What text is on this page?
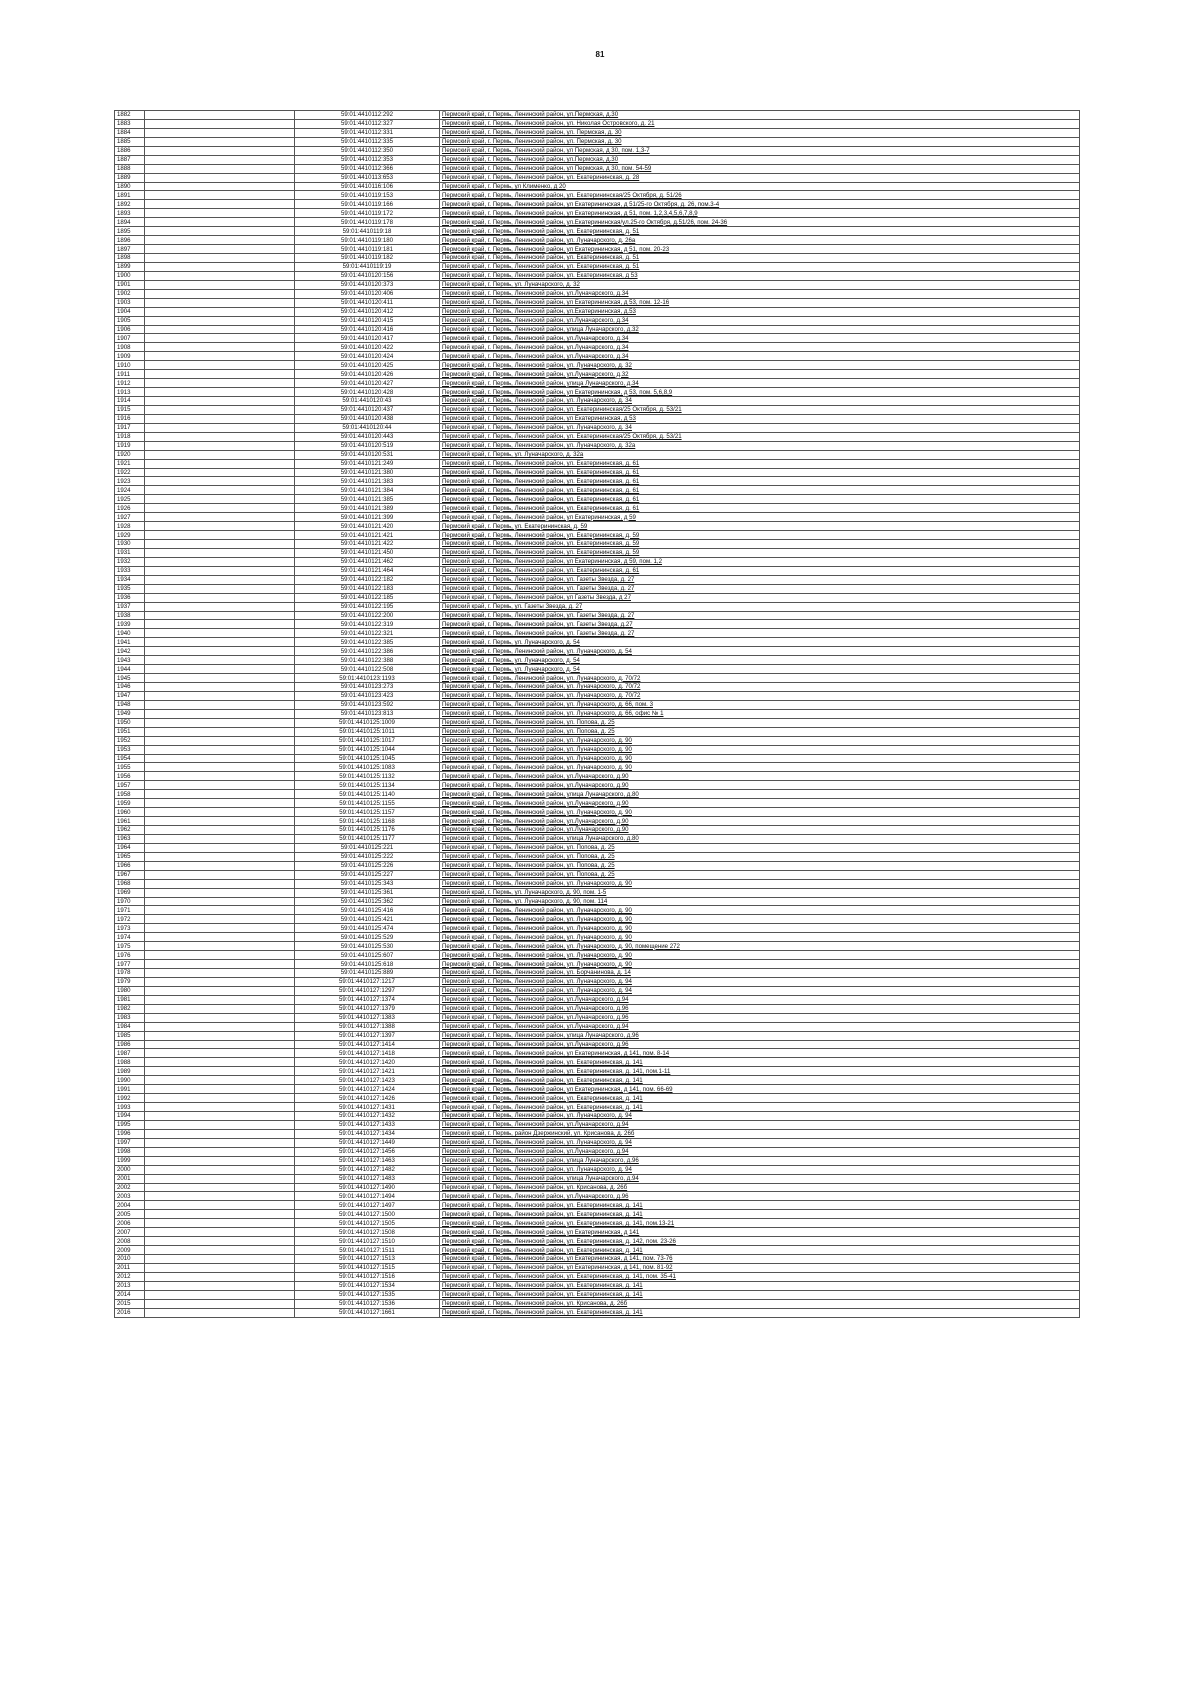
81
1882		59:01:4410112:292	Пермский край, г. Пермь, Ленинский район, ул.Пермская, д.30
1883		59:01:4410112:327	Пермский край, г. Пермь, Ленинский район, ул. Николая Островского, д. 21
1884		59:01:4410112:331	Пермский край, г. Пермь, Ленинский район, ул. Пермская, д. 30
1885		59:01:4410112:335	Пермский край, г. Пермь, Ленинский район, ул. Пермская, д. 30
1886		59:01:4410112:350	Пермский край, г. Пермь, Ленинский район, ул Пермская, д 30, пом. 1,3-7
1887		59:01:4410112:353	Пермский край, г. Пермь, Ленинский район, ул.Пермская, д.30
1888		59:01:4410112:366	Пермский край, г. Пермь, Ленинский район, ул Пермская, д 30, пом. 54-59
1889		59:01:4410113:653	Пермский край, г. Пермь, Ленинский район, ул. Екатерининская, д. 28
1890		59:01:4410116:106	Пермский край, г. Пермь, ул Клименко, д 20
1891		59:01:4410119:153	Пермский край, г. Пермь, Ленинский район, ул. Екатерининская/25 Октября, д. 51/26
1892		59:01:4410119:166	Пермский край, г. Пермь, Ленинский район, ул Екатерининская, д 51/25-го Октября, д. 26, пом.3-4
1893		59:01:4410119:172	Пермский край, г. Пермь, Ленинский район, ул Екатерининская, д 51, пом. 1,2,3,4,5,6,7,8,9
1894		59:01:4410119:178	Пермский край, г. Пермь, Ленинский район, ул.Екатерининская/ул.25-го Октября, д.51/26, пом. 24-36
1895		59:01:4410119:18	Пермский край, г. Пермь, Ленинский район, ул. Екатерининская, д. 51
1896		59:01:4410119:180	Пермский край, г. Пермь, Ленинский район, ул. Луначарского, д. 26а
1897		59:01:4410119:181	Пермский край, г. Пермь, Ленинский район, ул Екатерининская, д 51, пом. 20-23
1898		59:01:4410119:182	Пермский край, г. Пермь, Ленинский район, ул. Екатерининская, д. 51
1899		59:01:4410119:19	Пермский край, г. Пермь, Ленинский район, ул. Екатерининская, д. 51
1900		59:01:4410120:156	Пермский край, г. Пермь, Ленинский район, ул. Екатерининская, д 53
1901		59:01:4410120:373	Пермский край, г. Пермь, ул. Луначарского, д. 32
1902		59:01:4410120:406	Пермский край, г. Пермь, Ленинский район, ул.Луначарского, д.34
1903		59:01:4410120:411	Пермский край, г. Пермь, Ленинский район, ул Екатерининская, д 53, пом. 12-16
1904		59:01:4410120:412	Пермский край, г. Пермь, Ленинский район, ул.Екатерининская, д.53
1905		59:01:4410120:415	Пермский край, г. Пермь, Ленинский район, ул.Луначарского, д.34
1906		59:01:4410120:416	Пермский край, г. Пермь, Ленинский район, улица Луначарского, д.32
1907		59:01:4410120:417	Пермский край, г. Пермь, Ленинский район, ул.Луначарского, д.34
1908		59:01:4410120:422	Пермский край, г. Пермь, Ленинский район, ул.Луначарского, д.34
1909		59:01:4410120:424	Пермский край, г. Пермь, Ленинский район, ул.Луначарского, д.34
1910		59:01:4410120:425	Пермский край, г. Пермь, Ленинский район, ул. Луначарского, д. 32
1911		59:01:4410120:426	Пермский край, г. Пермь, Ленинский район, ул.Луначарского, д.32
1912		59:01:4410120:427	Пермский край, г. Пермь, Ленинский район, улица Луначарского, д.34
1913		59:01:4410120:428	Пермский край, г. Пермь, Ленинский район, ул Екатерининская, д 53, пом. 5,6,8,9
1914		59:01:4410120:43	Пермский край, г. Пермь, Ленинский район, ул. Луначарского, д. 34
1915		59:01:4410120:437	Пермский край, г. Пермь, Ленинский район, ул. Екатерининская/25 Октября, д. 53/21
1916		59:01:4410120:438	Пермский край, г. Пермь, Ленинский район, ул Екатерининская, д 53
1917		59:01:4410120:44	Пермский край, г. Пермь, Ленинский район, ул. Луначарского, д. 34
1918		59:01:4410120:443	Пермский край, г. Пермь, Ленинский район, ул. Екатерининская/25 Октября, д. 53/21
1919		59:01:4410120:519	Пермский край, г. Пермь, Ленинский район, ул. Луначарского, д. 32а
1920		59:01:4410120:531	Пермский край, г. Пермь, ул. Луначарского, д. 32а
1921		59:01:4410121:249	Пермский край, г. Пермь, Ленинский район, ул. Екатерининская, д. 61
1922		59:01:4410121:380	Пермский край, г. Пермь, Ленинский район, ул. Екатерининская, д. 61
1923		59:01:4410121:383	Пермский край, г. Пермь, Ленинский район, ул. Екатерининская, д. 61
1924		59:01:4410121:384	Пермский край, г. Пермь, Ленинский район, ул. Екатерининская, д. 61
1925		59:01:4410121:385	Пермский край, г. Пермь, Ленинский район, ул. Екатерининская, д. 61
1926		59:01:4410121:389	Пермский край, г. Пермь, Ленинский район, ул. Екатерининская, д. 61
1927		59:01:4410121:399	Пермский край, г. Пермь, Ленинский район, ул Екатерининская, д 59
1928		59:01:4410121:420	Пермский край, г. Пермь, ул. Екатерининская, д. 59
1929		59:01:4410121:421	Пермский край, г. Пермь, Ленинский район, ул. Екатерининская, д. 59
1930		59:01:4410121:422	Пермский край, г. Пермь, Ленинский район, ул. Екатерининская, д. 59
1931		59:01:4410121:450	Пермский край, г. Пермь, Ленинский район, ул. Екатерининская, д. 59
1932		59:01:4410121:462	Пермский край, г. Пермь, Ленинский район, ул Екатерининская, д 59, пом. 1,2
1933		59:01:4410121:464	Пермский край, г. Пермь, Ленинский район, ул. Екатерининская, д. 61
1934		59:01:4410122:182	Пермский край, г. Пермь, Ленинский район, ул. Газеты Звезда, д. 27
1935		59:01:4410122:183	Пермский край, г. Пермь, Ленинский район, ул. Газеты Звезда, д. 27
1936		59:01:4410122:185	Пермский край, г. Пермь, Ленинский район, ул Газеты Звезда, д 27
1937		59:01:4410122:195	Пермский край, г. Пермь, ул. Газеты Звезда, д. 27
1938		59:01:4410122:200	Пермский край, г. Пермь, Ленинский район, ул. Газеты Звезда, д. 27
1939		59:01:4410122:319	Пермский край, г. Пермь, Ленинский район, ул. Газеты Звезда, д.27
1940		59:01:4410122:321	Пермский край, г. Пермь, Ленинский район, ул. Газеты Звезда, д. 27
1941		59:01:4410122:385	Пермский край, г. Пермь, ул. Луначарского, д. 54
1942		59:01:4410122:386	Пермский край, г. Пермь, Ленинский район, ул. Луначарского, д. 54
1943		59:01:4410122:388	Пермский край, г. Пермь, ул. Луначарского, д. 54
1944		59:01:4410122:508	Пермский край, г. Пермь, ул. Луначарского, д. 54
1945		59:01:4410123:1193	Пермский край, г. Пермь, Ленинский район, ул. Луначарского, д. 70/72
1946		59:01:4410123:273	Пермский край, г. Пермь, Ленинский район, ул. Луначарского, д. 70/72
1947		59:01:4410123:423	Пермский край, г. Пермь, Ленинский район, ул. Луначарского, д. 70/72
1948		59:01:4410123:592	Пермский край, г. Пермь, Ленинский район, ул. Луначарского, д. 66, пом. 3
1949		59:01:4410123:813	Пермский край, г. Пермь, Ленинский район, ул. Луначарского, д. 66, офис № 1
1950		59:01:4410125:1009	Пермский край, г. Пермь, Ленинский район, ул. Попова, д. 25
1951		59:01:4410125:1011	Пермский край, г. Пермь, Ленинский район, ул. Попова, д. 25
1952		59:01:4410125:1017	Пермский край, г. Пермь, Ленинский район, ул. Луначарского, д. 90
1953		59:01:4410125:1044	Пермский край, г. Пермь, Ленинский район, ул. Луначарского, д. 90
1954		59:01:4410125:1045	Пермский край, г. Пермь, Ленинский район, ул. Луначарского, д. 90
1955		59:01:4410125:1083	Пермский край, г. Пермь, Ленинский район, ул. Луначарского, д. 90
1956		59:01:4410125:1132	Пермский край, г. Пермь, Ленинский район, ул.Луначарского, д.90
1957		59:01:4410125:1134	Пермский край, г. Пермь, Ленинский район, ул.Луначарского, д.90
1958		59:01:4410125:1140	Пермский край, г. Пермь, Ленинский район, улица Луначарского, д.80
1959		59:01:4410125:1155	Пермский край, г. Пермь, Ленинский район, ул.Луначарского, д.90
1960		59:01:4410125:1157	Пермский край, г. Пермь, Ленинский район, ул. Луначарского, д. 90
1961		59:01:4410125:1168	Пермский край, г. Пермь, Ленинский район, ул.Луначарского, д.90
1962		59:01:4410125:1176	Пермский край, г. Пермь, Ленинский район, ул.Луначарского, д.90
1963		59:01:4410125:1177	Пермский край, г. Пермь, Ленинский район, улица Луначарского, д.80
1964		59:01:4410125:221	Пермский край, г. Пермь, Ленинский район, ул. Попова, д. 25
1965		59:01:4410125:222	Пермский край, г. Пермь, Ленинский район, ул. Попова, д. 25
1966		59:01:4410125:226	Пермский край, г. Пермь, Ленинский район, ул. Попова, д. 25
1967		59:01:4410125:227	Пермский край, г. Пермь, Ленинский район, ул. Попова, д. 25
1968		59:01:4410125:343	Пермский край, г. Пермь, Ленинский район, ул. Луначарского, д. 90
1969		59:01:4410125:361	Пермский край, г. Пермь, ул. Луначарского, д. 90, пом. 1-5
1970		59:01:4410125:362	Пермский край, г. Пермь, ул. Луначарского, д. 90, пом. 114
1971		59:01:4410125:416	Пермский край, г. Пермь, Ленинский район, ул. Луначарского, д. 90
1972		59:01:4410125:421	Пермский край, г. Пермь, Ленинский район, ул. Луначарского, д. 90
1973		59:01:4410125:474	Пермский край, г. Пермь, Ленинский район, ул. Луначарского, д. 90
1974		59:01:4410125:529	Пермский край, г. Пермь, Ленинский район, ул. Луначарского, д. 90
1975		59:01:4410125:530	Пермский край, г. Пермь, Ленинский район, ул. Луначарского, д. 90, помещение 272
1976		59:01:4410125:607	Пермский край, г. Пермь, Ленинский район, ул. Луначарского, д. 90
1977		59:01:4410125:618	Пермский край, г. Пермь, Ленинский район, ул. Луначарского, д. 90
1978		59:01:4410125:889	Пермский край, г. Пермь, Ленинский район, ул. Борчанинова, д. 14
1979		59:01:4410127:1217	Пермский край, г. Пермь, Ленинский район, ул. Луначарского, д. 94
1980		59:01:4410127:1297	Пермский край, г. Пермь, Ленинский район, ул. Луначарского, д. 94
1981		59:01:4410127:1374	Пермский край, г. Пермь, Ленинский район, ул.Луначарского, д.94
1982		59:01:4410127:1379	Пермский край, г. Пермь, Ленинский район, ул.Луначарского, д.96
1983		59:01:4410127:1383	Пермский край, г. Пермь, Ленинский район, ул.Луначарского, д.96
1984		59:01:4410127:1388	Пермский край, г. Пермь, Ленинский район, ул.Луначарского, д.94
1985		59:01:4410127:1397	Пермский край, г. Пермь, Ленинский район, улица Луначарского, д.96
1986		59:01:4410127:1414	Пермский край, г. Пермь, Ленинский район, ул.Луначарского, д.96
1987		59:01:4410127:1418	Пермский край, г. Пермь, Ленинский район, ул Екатерининская, д 141, пом. 8-14
1988		59:01:4410127:1420	Пермский край, г. Пермь, Ленинский район, ул. Екатерининская, д. 141
1989		59:01:4410127:1421	Пермский край, г. Пермь, Ленинский район, ул. Екатерининская, д. 141, пом.1-11
1990		59:01:4410127:1423	Пермский край, г. Пермь, Ленинский район, ул. Екатерининская, д. 141
1991		59:01:4410127:1424	Пермский край, г. Пермь, Ленинский район, ул Екатерининская, д 141, пом. 66-69
1992		59:01:4410127:1426	Пермский край, г. Пермь, Ленинский район, ул. Екатерининская, д. 141
1993		59:01:4410127:1431	Пермский край, г. Пермь, Ленинский район, ул. Екатерининская, д. 141
1994		59:01:4410127:1432	Пермский край, г. Пермь, Ленинский район, ул. Луначарского, д. 94
1995		59:01:4410127:1433	Пермский край, г. Пермь, Ленинский район, ул.Луначарского, д.94
1996		59:01:4410127:1434	Пермский край, г. Пермь, район Дзержинский, ул. Крисанова, д. 26б
1997		59:01:4410127:1449	Пермский край, г. Пермь, Ленинский район, ул. Луначарского, д. 94
1998		59:01:4410127:1456	Пермский край, г. Пермь, Ленинский район, ул.Луначарского, д.94
1999		59:01:4410127:1463	Пермский край, г. Пермь, Ленинский район, улица Луначарского, д.96
2000		59:01:4410127:1482	Пермский край, г. Пермь, Ленинский район, ул. Луначарского, д. 94
2001		59:01:4410127:1483	Пермский край, г. Пермь, Ленинский район, улица Луначарского, д.94
2002		59:01:4410127:1490	Пермский край, г. Пермь, Ленинский район, ул. Крисанова, д. 26б
2003		59:01:4410127:1494	Пермский край, г. Пермь, Ленинский район, ул.Луначарского, д.96
2004		59:01:4410127:1497	Пермский край, г. Пермь, Ленинский район, ул. Екатерининская, д. 141
2005		59:01:4410127:1500	Пермский край, г. Пермь, Ленинский район, ул. Екатерининская, д. 141
2006		59:01:4410127:1505	Пермский край, г. Пермь, Ленинский район, ул. Екатерининская, д. 141, пом.13-21
2007		59:01:4410127:1508	Пермский край, г. Пермь, Ленинский район, ул Екатерининская, д 141
2008		59:01:4410127:1510	Пермский край, г. Пермь, Ленинский район, ул. Екатерининская, д. 142, пом. 23-26
2009		59:01:4410127:1511	Пермский край, г. Пермь, Ленинский район, ул. Екатерининская, д. 141
2010		59:01:4410127:1513	Пермский край, г. Пермь, Ленинский район, ул Екатерининская, д 141, пом. 73-76
2011		59:01:4410127:1515	Пермский край, г. Пермь, Ленинский район, ул Екатерининская, д 141, пом. 81-92
2012		59:01:4410127:1516	Пермский край, г. Пермь, Ленинский район, ул. Екатерининская, д. 141, пом. 35-41
2013		59:01:4410127:1534	Пермский край, г. Пермь, Ленинский район, ул. Екатерининская, д. 141
2014		59:01:4410127:1535	Пермский край, г. Пермь, Ленинский район, ул. Екатерининская, д. 141
2015		59:01:4410127:1536	Пермский край, г. Пермь, Ленинский район, ул. Крисанова, д. 26б
2016		59:01:4410127:1661	Пермский край, г. Пермь, Ленинский район, ул. Екатерининская, д. 141
